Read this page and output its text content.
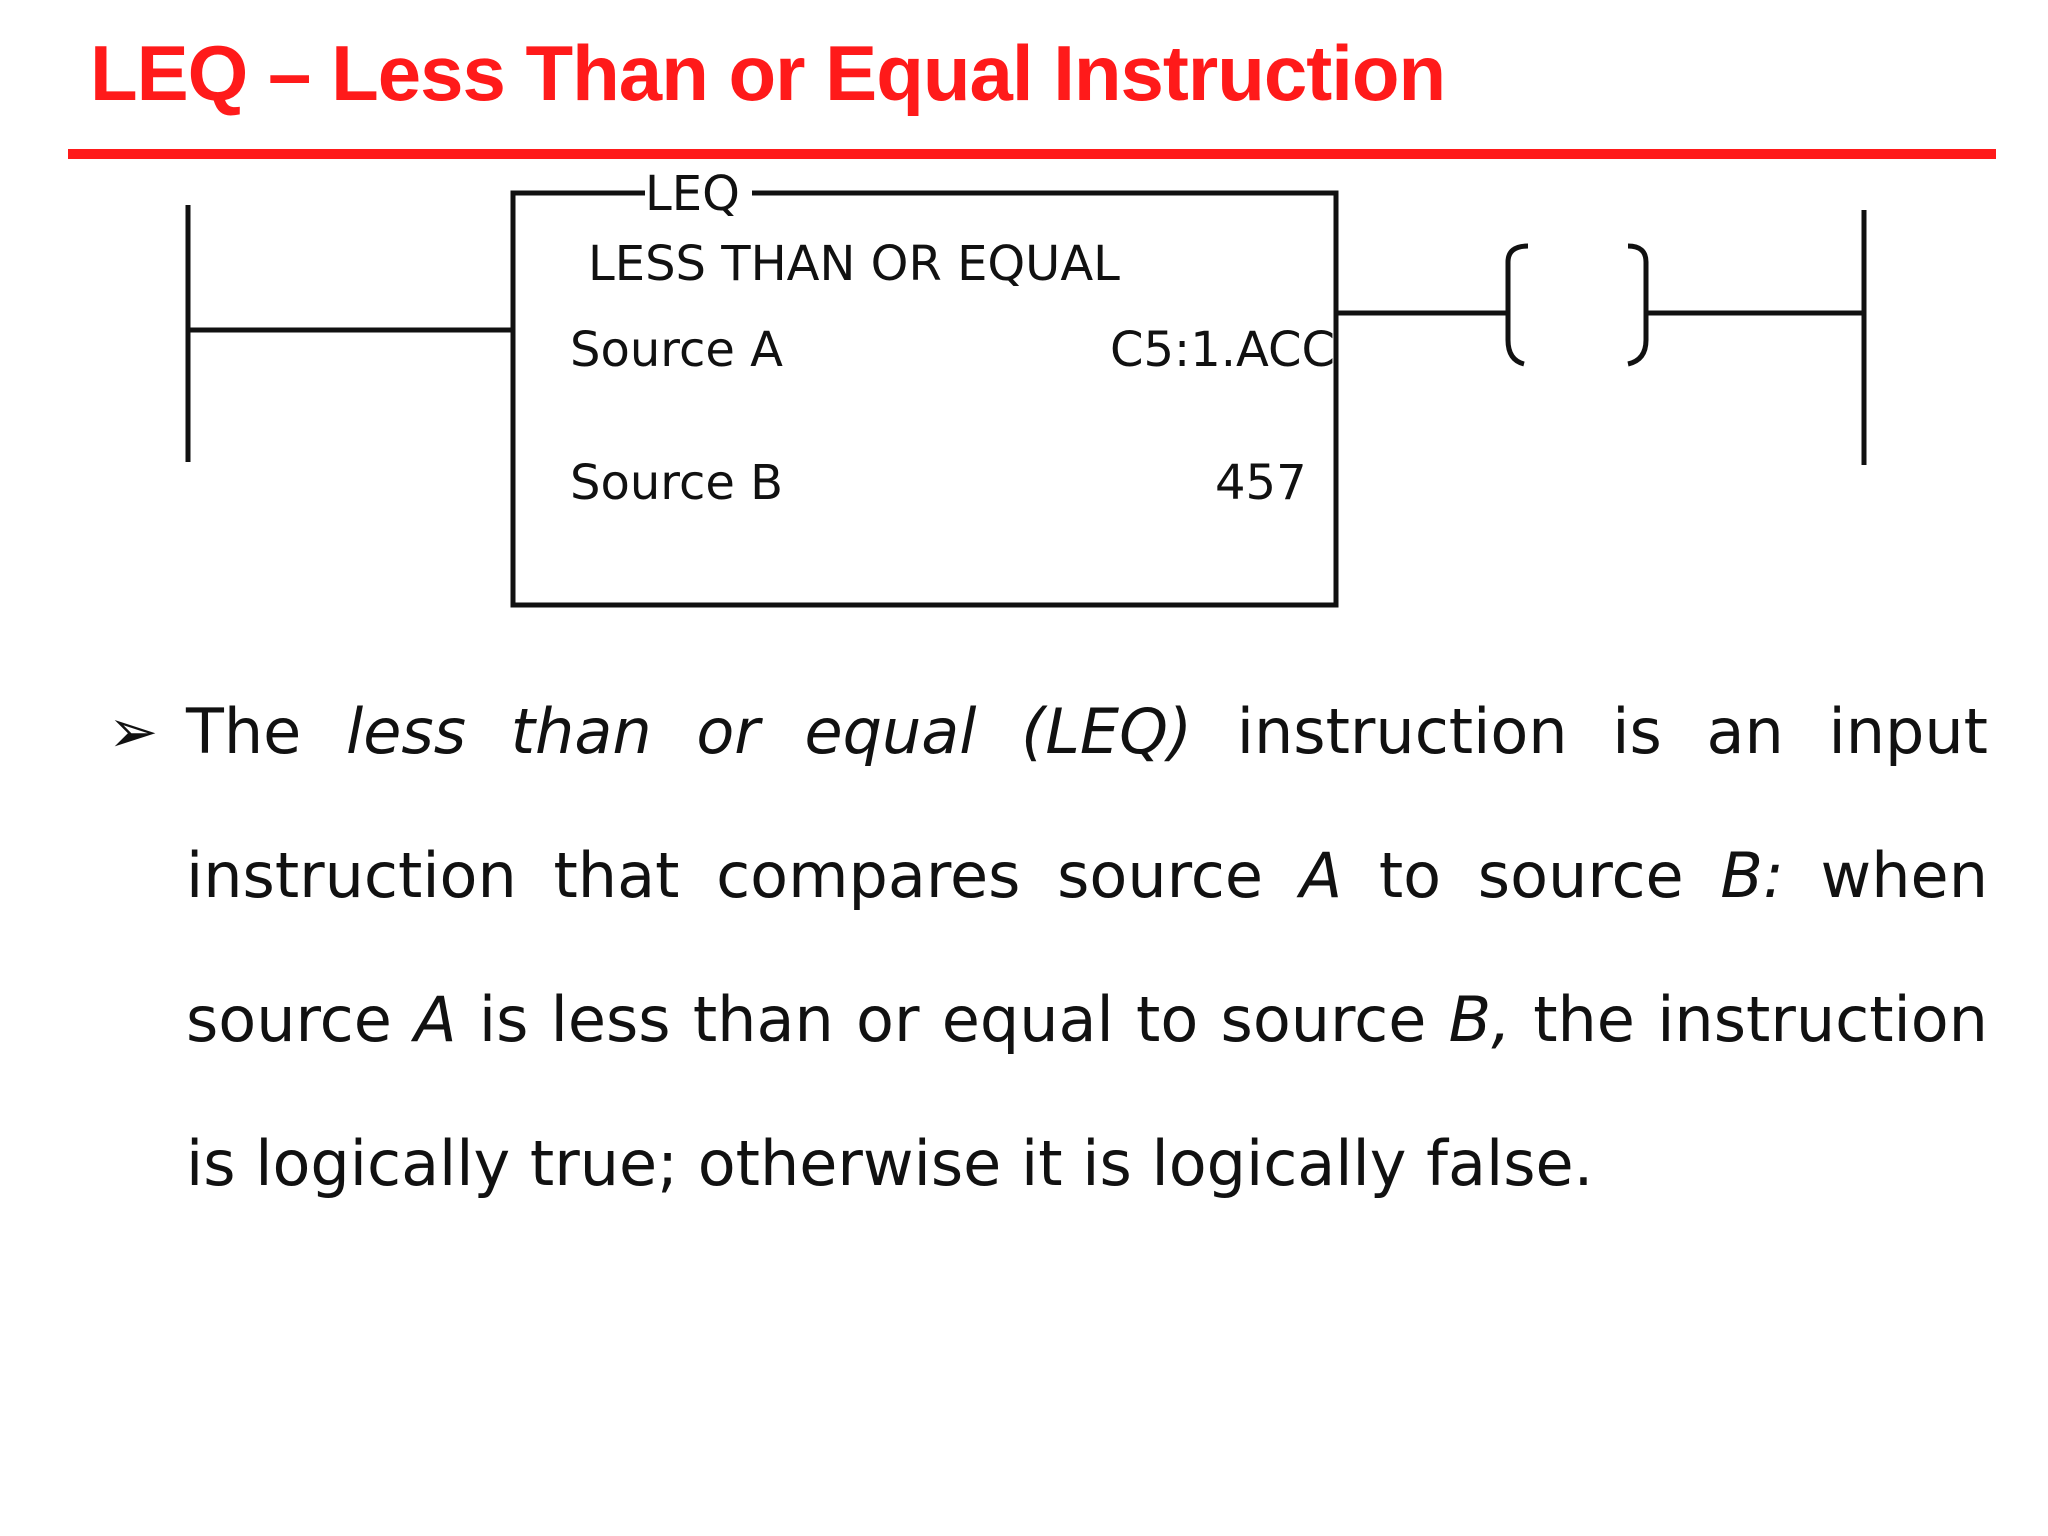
LEQ – Less Than or Equal Instruction
LEQ
LESS THAN OR EQUAL
Source A	C5:1.ACC
Source B	457
➢ The less than or equal (LEQ) instruction is an input instruction that compares source A to source B: when source A is less than or equal to source B, the instruction is logically true; otherwise it is logically false.
